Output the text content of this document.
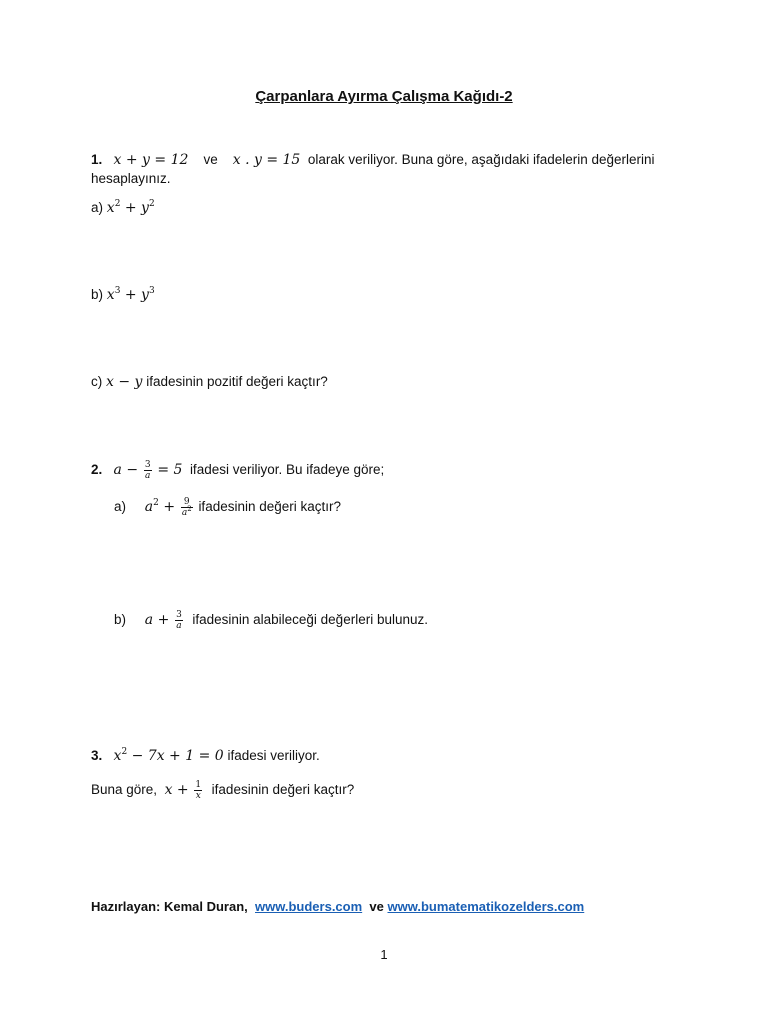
Çarpanlara Ayırma Çalışma Kağıdı-2
1. x + y = 12 ve x . y = 15 olarak veriliyor. Buna göre, aşağıdaki ifadelerin değerlerini
hesaplayınız.
a) $x^2 + y^2$
b) $x^3 + y^3$
c) x − y ifadesinin pozitif değeri kaçtır?
2. $a - \frac{3}{a} = 5$ ifadesi veriliyor. Bu ifadeye göre;
a) $a^2 + \frac{9}{a^2}$ ifadesinin değeri kaçtır?
b) $a + \frac{3}{a}$ ifadesinin alabileceği değerleri bulunuz.
3. $x^2 - 7x + 1 = 0$ ifadesi veriliyor.
Buna göre, $x + \frac{1}{x}$ ifadesinin değeri kaçtır?
Hazırlayan: Kemal Duran, www.buders.com ve www.bumatematikozelders.com
1
